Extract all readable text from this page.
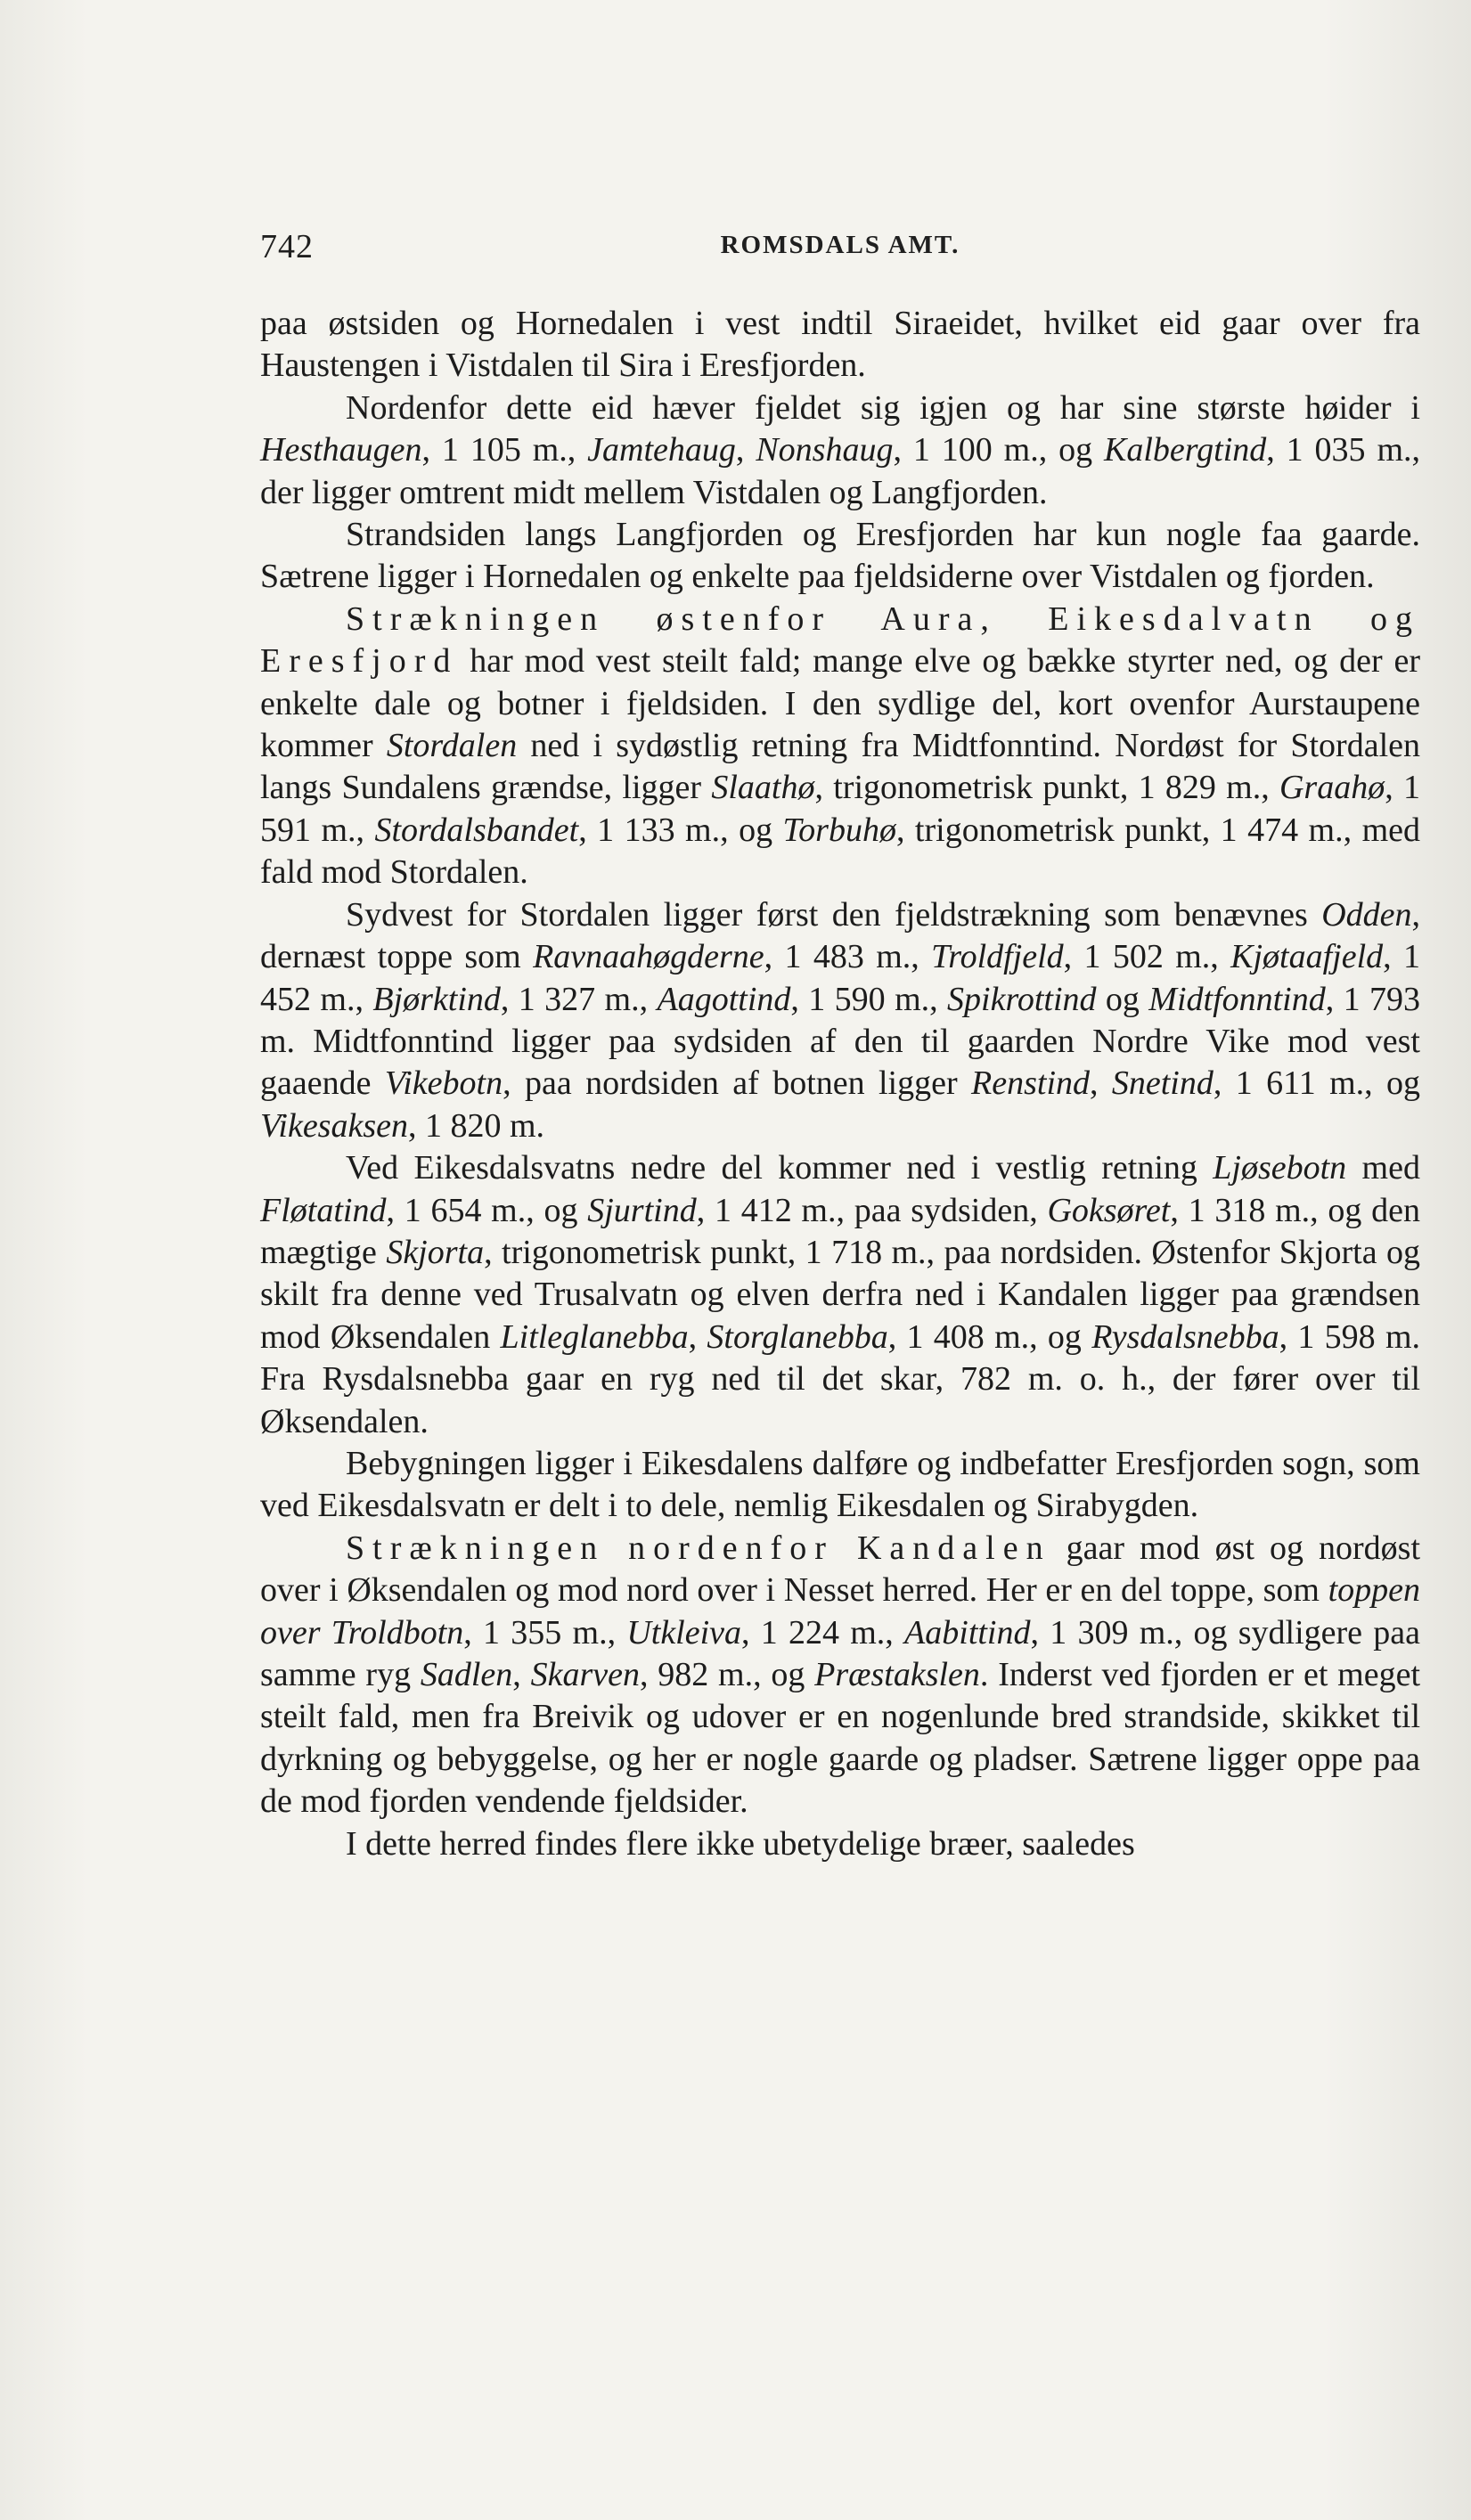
742	ROMSDALS AMT.

paa østsiden og Hornedalen i vest indtil Siraeidet, hvilket eid gaar over fra Haustengen i Vistdalen til Sira i Eresfjorden.

Nordenfor dette eid hæver fjeldet sig igjen og har sine største høider i Hesthaugen, 1 105 m., Jamtehaug, Nonshaug, 1 100 m., og Kalbergtind, 1 035 m., der ligger omtrent midt mellem Vistdalen og Langfjorden.

Strandsiden langs Langfjorden og Eresfjorden har kun nogle faa gaarde. Sætrene ligger i Hornedalen og enkelte paa fjeldsiderne over Vistdalen og fjorden.

Strækningen østenfor Aura, Eikesdalvatn og Eresfjord har mod vest steilt fald; mange elve og bække styrter ned, og der er enkelte dale og botner i fjeldsiden. I den sydlige del, kort ovenfor Aurstaupene kommer Stordalen ned i sydøstlig retning fra Midtfonntind. Nordøst for Stordalen langs Sundalens grændse, ligger Slaathø, trigonometrisk punkt, 1 829 m., Graahø, 1 591 m., Stordalsbandet, 1 133 m., og Torbuhø, trigonometrisk punkt, 1 474 m., med fald mod Stordalen.

Sydvest for Stordalen ligger først den fjeldstrækning som benævnes Odden, dernæst toppe som Ravnaahøgderne, 1 483 m., Troldfjeld, 1 502 m., Kjøtaafjeld, 1 452 m., Bjørktind, 1 327 m., Aagottind, 1 590 m., Spikrottind og Midtfonntind, 1 793 m. Midtfonntind ligger paa sydsiden af den til gaarden Nordre Vike mod vest gaaende Vikebotn, paa nordsiden af botnen ligger Renstind, Snetind, 1 611 m., og Vikesaksen, 1 820 m.

Ved Eikesdalsvatns nedre del kommer ned i vestlig retning Ljøsebotn med Fløtatind, 1 654 m., og Sjurtind, 1 412 m., paa sydsiden, Goksøret, 1 318 m., og den mægtige Skjorta, trigonometrisk punkt, 1 718 m., paa nordsiden. Østenfor Skjorta og skilt fra denne ved Trusalvatn og elven derfra ned i Kandalen ligger paa grændsen mod Øksendalen Litleglanebba, Storglanebba, 1 408 m., og Rysdalsnebba, 1 598 m. Fra Rysdalsnebba gaar en ryg ned til det skar, 782 m. o. h., der fører over til Øksendalen.

Bebygningen ligger i Eikesdalens dalføre og indbefatter Eresfjorden sogn, som ved Eikesdalsvatn er delt i to dele, nemlig Eikesdalen og Sirabygden.

Strækningen nordenfor Kandalen gaar mod øst og nordøst over i Øksendalen og mod nord over i Nesset herred. Her er en del toppe, som toppen over Troldbotn, 1 355 m., Utkleiva, 1 224 m., Aabittind, 1 309 m., og sydligere paa samme ryg Sadlen, Skarven, 982 m., og Præstakslen. Inderst ved fjorden er et meget steilt fald, men fra Breivik og udover er en nogenlunde bred strandside, skikket til dyrkning og bebyggelse, og her er nogle gaarde og pladser. Sætrene ligger oppe paa de mod fjorden vendende fjeldsider.

I dette herred findes flere ikke ubetydelige bræer, saaledes
